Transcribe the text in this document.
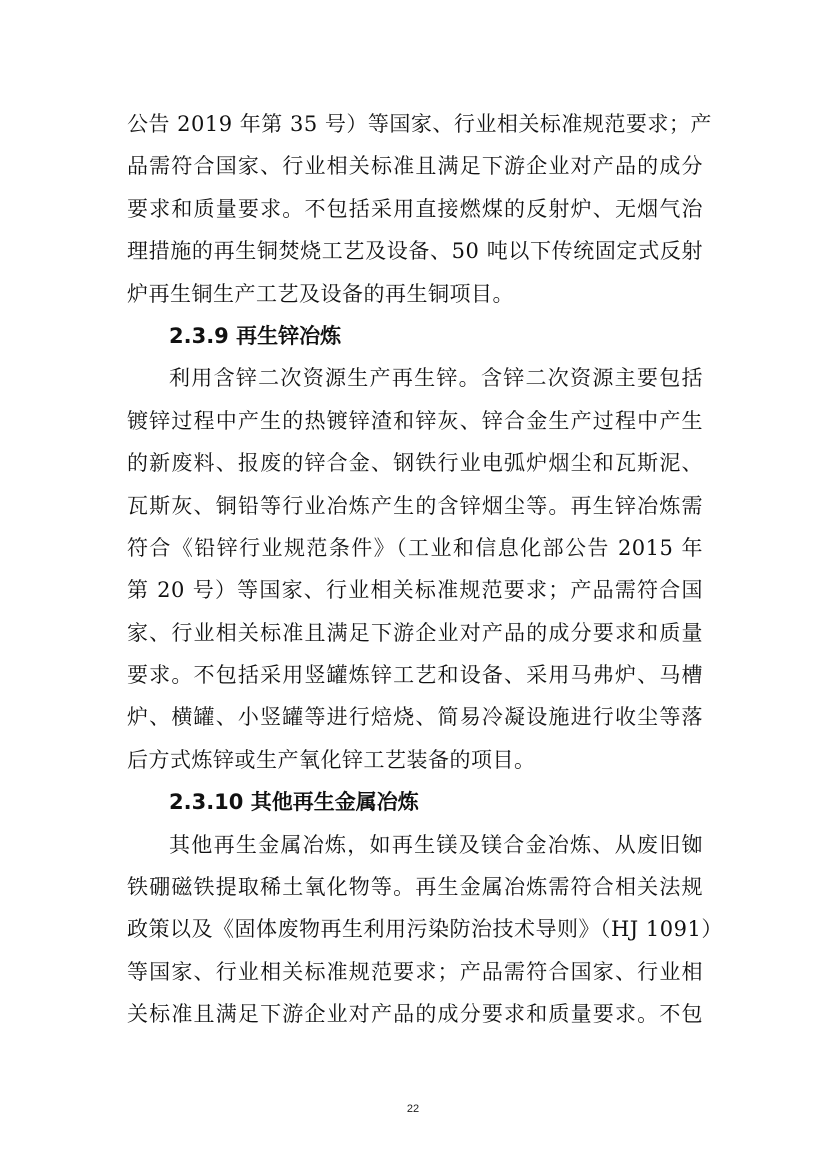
公告 2019 年第 35 号）等国家、行业相关标准规范要求；产
品需符合国家、行业相关标准且满足下游企业对产品的成分
要求和质量要求。不包括采用直接燃煤的反射炉、无烟气治
理措施的再生铜焚烧工艺及设备、50 吨以下传统固定式反射
炉再生铜生产工艺及设备的再生铜项目。
2.3.9 再生锌冶炼
利用含锌二次资源生产再生锌。含锌二次资源主要包括
镀锌过程中产生的热镀锌渣和锌灰、锌合金生产过程中产生
的新废料、报废的锌合金、钢铁行业电弧炉烟尘和瓦斯泥、
瓦斯灰、铜铅等行业冶炼产生的含锌烟尘等。再生锌冶炼需
符合《铅锌行业规范条件》（工业和信息化部公告 2015 年
第 20 号）等国家、行业相关标准规范要求；产品需符合国
家、行业相关标准且满足下游企业对产品的成分要求和质量
要求。不包括采用竖罐炼锌工艺和设备、采用马弗炉、马槽
炉、横罐、小竖罐等进行焙烧、简易冷凝设施进行收尘等落
后方式炼锌或生产氧化锌工艺装备的项目。
2.3.10 其他再生金属冶炼
其他再生金属冶炼，如再生镁及镁合金冶炼、从废旧铷
铁硼磁铁提取稀土氧化物等。再生金属冶炼需符合相关法规
政策以及《固体废物再生利用污染防治技术导则》（HJ 1091）
等国家、行业相关标准规范要求；产品需符合国家、行业相
关标准且满足下游企业对产品的成分要求和质量要求。不包
22
